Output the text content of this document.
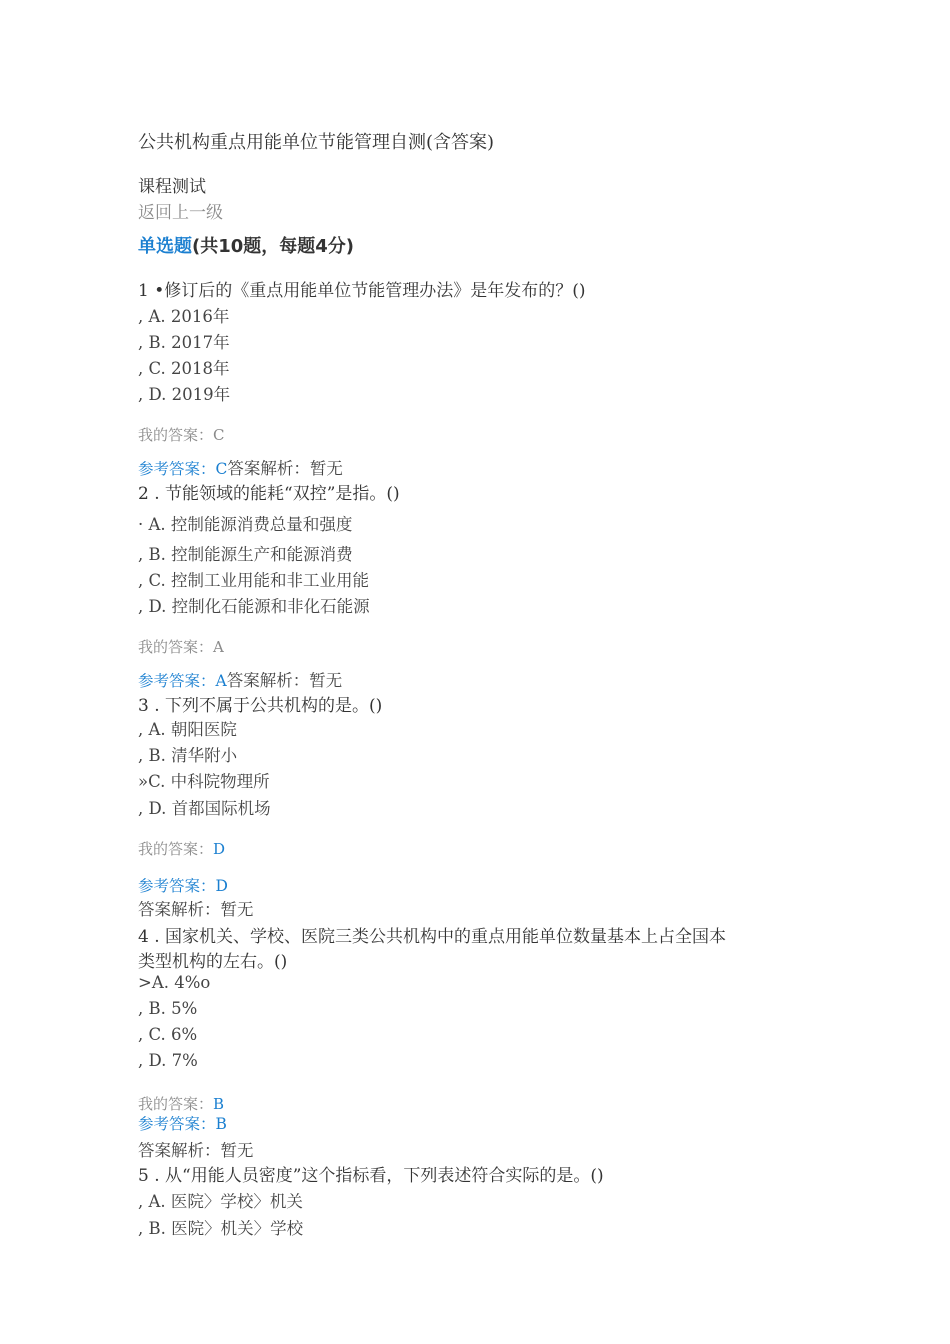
公共机构重点用能单位节能管理自测(含答案)
课程测试
返回上一级
单选题(共10题，每题4分)
1 •修订后的《重点用能单位节能管理办法》是年发布的？()
, A. 2016年
, B. 2017年
, C. 2018年
, D. 2019年
我的答案：C
参考答案：C答案解析：暂无
2 . 节能领域的能耗“双控”是指。()
· A. 控制能源消费总量和强度
, B. 控制能源生产和能源消费
, C. 控制工业用能和非工业用能
, D. 控制化石能源和非化石能源
我的答案：A
参考答案：A答案解析：暂无
3 . 下列不属于公共机构的是。()
, A. 朝阳医院
, B. 清华附小
»C. 中科院物理所
, D. 首都国际机场
我的答案：D
参考答案：D
答案解析：暂无
4 . 国家机关、学校、医院三类公共机构中的重点用能单位数量基本上占全国本
类型机构的左右。()
>A. 4%o
, B. 5%
, C. 6%
, D. 7%
我的答案：B
参考答案：B
答案解析：暂无
5 . 从“用能人员密度”这个指标看，下列表述符合实际的是。()
, A. 医院〉学校〉机关
, B. 医院〉机关〉学校
